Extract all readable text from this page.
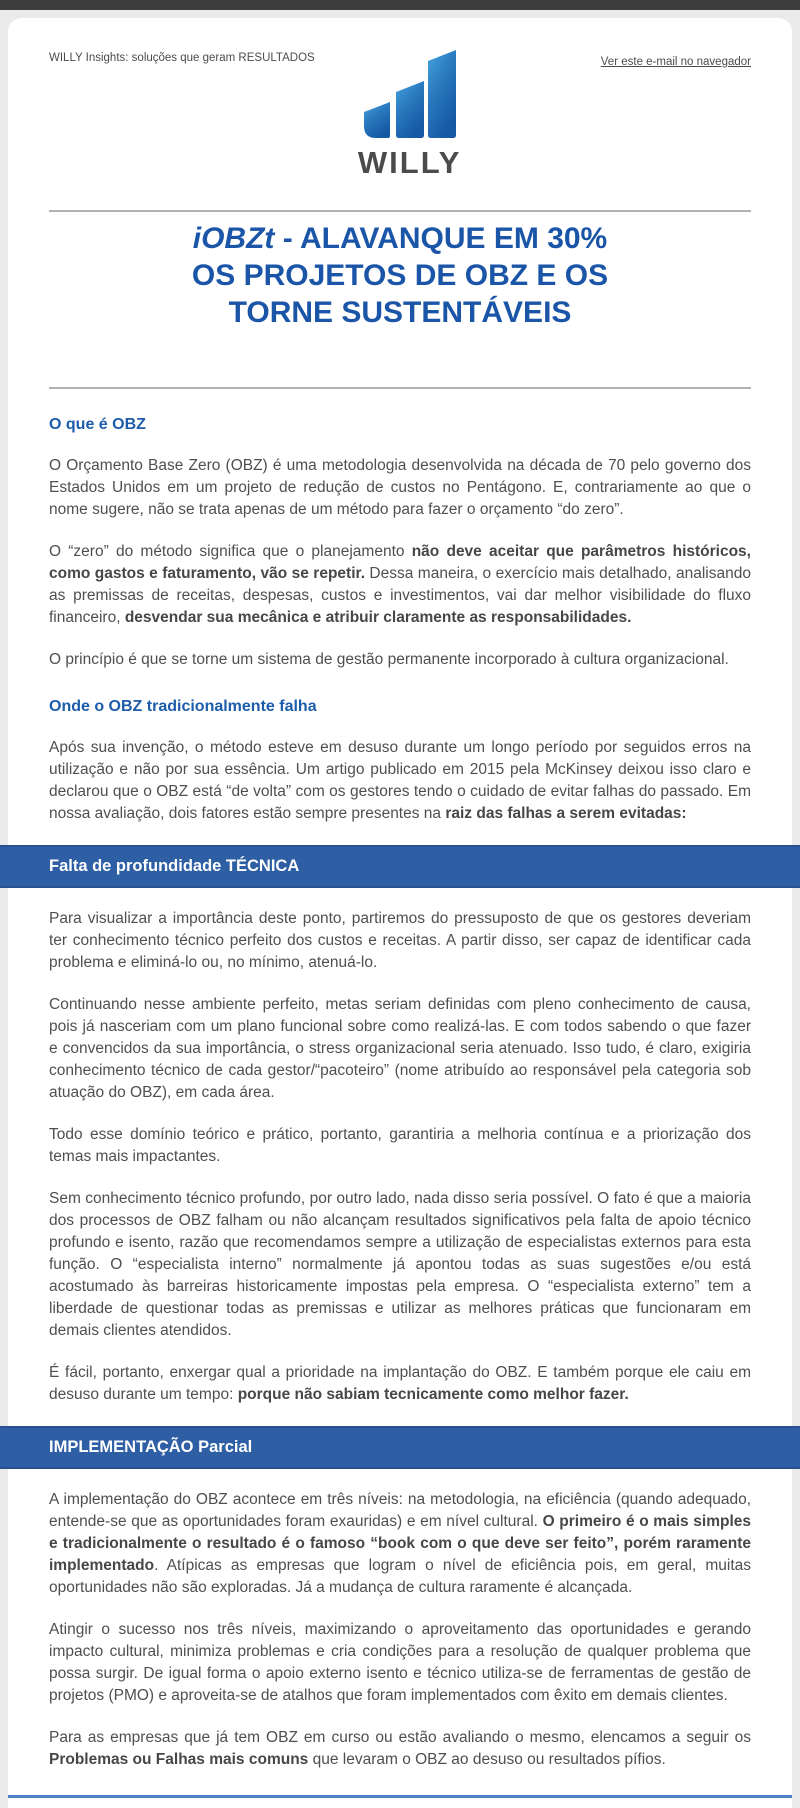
WILLY Insights: soluções que geram RESULTADOS
WILLY
Ver este e-mail no navegador
iOBZt - ALAVANQUE EM 30%
OS PROJETOS DE OBZ E OS
TORNE SUSTENTÁVEIS
O que é OBZ

O Orçamento Base Zero (OBZ) é uma metodologia desenvolvida na década de 70 pelo governo dos Estados Unidos em um projeto de redução de custos no Pentágono. E, contrariamente ao que o nome sugere, não se trata apenas de um método para fazer o orçamento “do zero”.

O “zero” do método significa que o planejamento não deve aceitar que parâmetros históricos, como gastos e faturamento, vão se repetir. Dessa maneira, o exercício mais detalhado, analisando as premissas de receitas, despesas, custos e investimentos, vai dar melhor visibilidade do fluxo financeiro, desvendar sua mecânica e atribuir claramente as responsabilidades.

O princípio é que se torne um sistema de gestão permanente incorporado à cultura organizacional.

Onde o OBZ tradicionalmente falha

Após sua invenção, o método esteve em desuso durante um longo período por seguidos erros na utilização e não por sua essência. Um artigo publicado em 2015 pela McKinsey deixou isso claro e declarou que o OBZ está “de volta” com os gestores tendo o cuidado de evitar falhas do passado. Em nossa avaliação, dois fatores estão sempre presentes na raiz das falhas a serem evitadas:

Falta de profundidade TÉCNICA

Para visualizar a importância deste ponto, partiremos do pressuposto de que os gestores deveriam ter conhecimento técnico perfeito dos custos e receitas. A partir disso, ser capaz de identificar cada problema e eliminá-lo ou, no mínimo, atenuá-lo.

Continuando nesse ambiente perfeito, metas seriam definidas com pleno conhecimento de causa, pois já nasceriam com um plano funcional sobre como realizá-las. E com todos sabendo o que fazer e convencidos da sua importância, o stress organizacional seria atenuado. Isso tudo, é claro, exigiria conhecimento técnico de cada gestor/“pacoteiro” (nome atribuído ao responsável pela categoria sob atuação do OBZ), em cada área.

Todo esse domínio teórico e prático, portanto, garantiria a melhoria contínua e a priorização dos temas mais impactantes.

Sem conhecimento técnico profundo, por outro lado, nada disso seria possível. O fato é que a maioria dos processos de OBZ falham ou não alcançam resultados significativos pela falta de apoio técnico profundo e isento, razão que recomendamos sempre a utilização de especialistas externos para esta função. O “especialista interno” normalmente já apontou todas as suas sugestões e/ou está acostumado às barreiras historicamente impostas pela empresa. O “especialista externo” tem a liberdade de questionar todas as premissas e utilizar as melhores práticas que funcionaram em demais clientes atendidos.

É fácil, portanto, enxergar qual a prioridade na implantação do OBZ. E também porque ele caiu em desuso durante um tempo: porque não sabiam tecnicamente como melhor fazer.

IMPLEMENTAÇÃO Parcial

A implementação do OBZ acontece em três níveis: na metodologia, na eficiência (quando adequado, entende-se que as oportunidades foram exauridas) e em nível cultural. O primeiro é o mais simples e tradicionalmente o resultado é o famoso “book com o que deve ser feito”, porém raramente implementado. Atípicas as empresas que logram o nível de eficiência pois, em geral, muitas oportunidades não são exploradas. Já a mudança de cultura raramente é alcançada.

Atingir o sucesso nos três níveis, maximizando o aproveitamento das oportunidades e gerando impacto cultural, minimiza problemas e cria condições para a resolução de qualquer problema que possa surgir. De igual forma o apoio externo isento e técnico utiliza-se de ferramentas de gestão de projetos (PMO) e aproveita-se de atalhos que foram implementados com êxito em demais clientes.

Para as empresas que já tem OBZ em curso ou estão avaliando o mesmo, elencamos a seguir os Problemas ou Falhas mais comuns que levaram o OBZ ao desuso ou resultados pífios.
